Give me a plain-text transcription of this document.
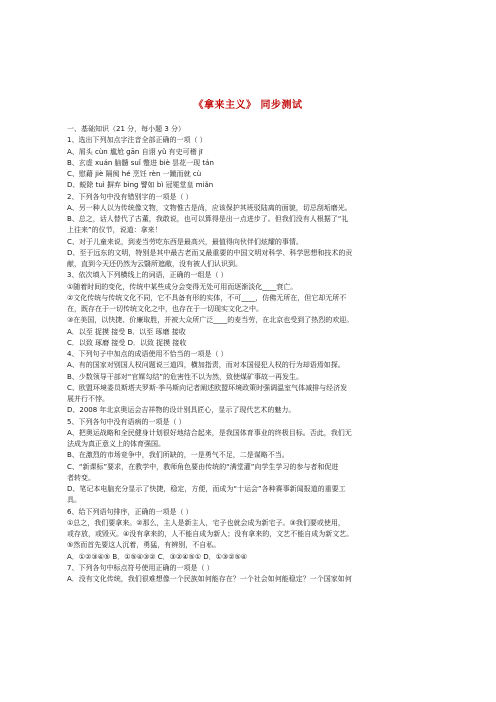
《拿来主义》 同步测试
一、基础知识（21 分，每小题 3 分）
1、选出下列加点字注音全部正确的一项（ ）
A、屑头 cùn 尴尬 gān 自诩 yǔ 有史可稽 jī
B、玄虚 xuán 脑髓 suǐ 蹩进 biè 昙花一现 tán
C、慰藉 jiè 隔阂 hé 烹饪 rèn 一蹴而就 cù
D、蜕除 tuì 摒弃 bìng 譬如 bì 冠冕堂皇 miǎn
2、下列各句中没有错别字的一项是（ ）
A、另一种人以为传统像文物，文物惟古是尚，应该保护其班驳陆离的面貌，切忌刮垢磨光。
B、总之，话人替代了古董，我敢说，也可以算得是出一点进步了。但我们没有人根据了“礼
上往来”的仪节，说道：拿来！
C、对于儿童来说，到麦当劳吃东西是最高兴，最值得向伙伴们炫耀的事情。
D、至于远东的文明，特别是其中最古老而又最重要的中国文明对科学、科学思想和技术的贡
献，直到今天还仍然为云翳所遮敝，没有被人们认识到。
3、依次填入下列横线上的词语，正确的一组是（ ）
①随着时间的变化，传统中某些成分会变得无处可用而逐渐淡化____衰亡。
②文化传统与传统文化不同，它不具备有形的实体，不可____，仿佛无所在，但它却无所不
在，既存在于一切传统文化之中，也存在于一切现实文化之中。
③在美国，以快捷、价廉取胜，并被大众所广泛____的麦当劳，在北京也受到了热烈的欢迎。
A．以至 捉摸 接受 B．以至 琢磨 接收
C．以致 琢磨 接受 D．以致 捉摸 接收
4、下列句子中加点的成语使用不恰当的一项是（ ）
A、有的国家对别国人权问题说三道四，横加指责，而对本国侵犯人权的行为却语焉如探。
B、少数领导干部对“官媒勾结”的危害性不以为然，致使煤矿事故一再发生。
C、欧盟环境委员斯塔夫罗斯·季马斯向记者阐述欧盟环境政策时强调温室气体减排与经济发
展并行不悖。
D、2008 年北京奥运会吉祥物的设计别具匠心，显示了现代艺术的魅力。
5、下列各句中没有语病的一项是（ ）
A、把奥运战略和全民健身计划很好地结合起来，是我国体育事业的终极目标。否此，我们无
法成为真正意义上的体育强国。
B、在激烈的市场竞争中，我们所缺的，一是勇气不足，二是谋略不当。
C、“新课标”要求，在教学中，教师角色要由传统的“满堂灌”向学生学习的参与者和促进
者转变。
D、笔记本电脑充分显示了快捷，稳定，方便，而成为“十运会”各种赛事新闻报道的重要工
具。
6、给下列语句排序，正确的一项是（ ）
①总之，我们要拿来。②那么，主人是新主人，宅子也就会成为新宅子。③我们要或使用，
或存放，或毁灭。④没有拿来的，人不能自成为新人；没有拿来的，文艺不能自成为新文艺。
⑤然而首先要这人沉着，勇猛，有辨别，不自私。
A．①②③④⑤ B．①⑤④③② C．③②④⑤① D．①③②⑤④
7、下列各句中标点符号使用正确的一项是（ ）
A．没有文化传统，我们很难想像一个民族如何能存在？一个社会如何能稳定？一个国家如何
